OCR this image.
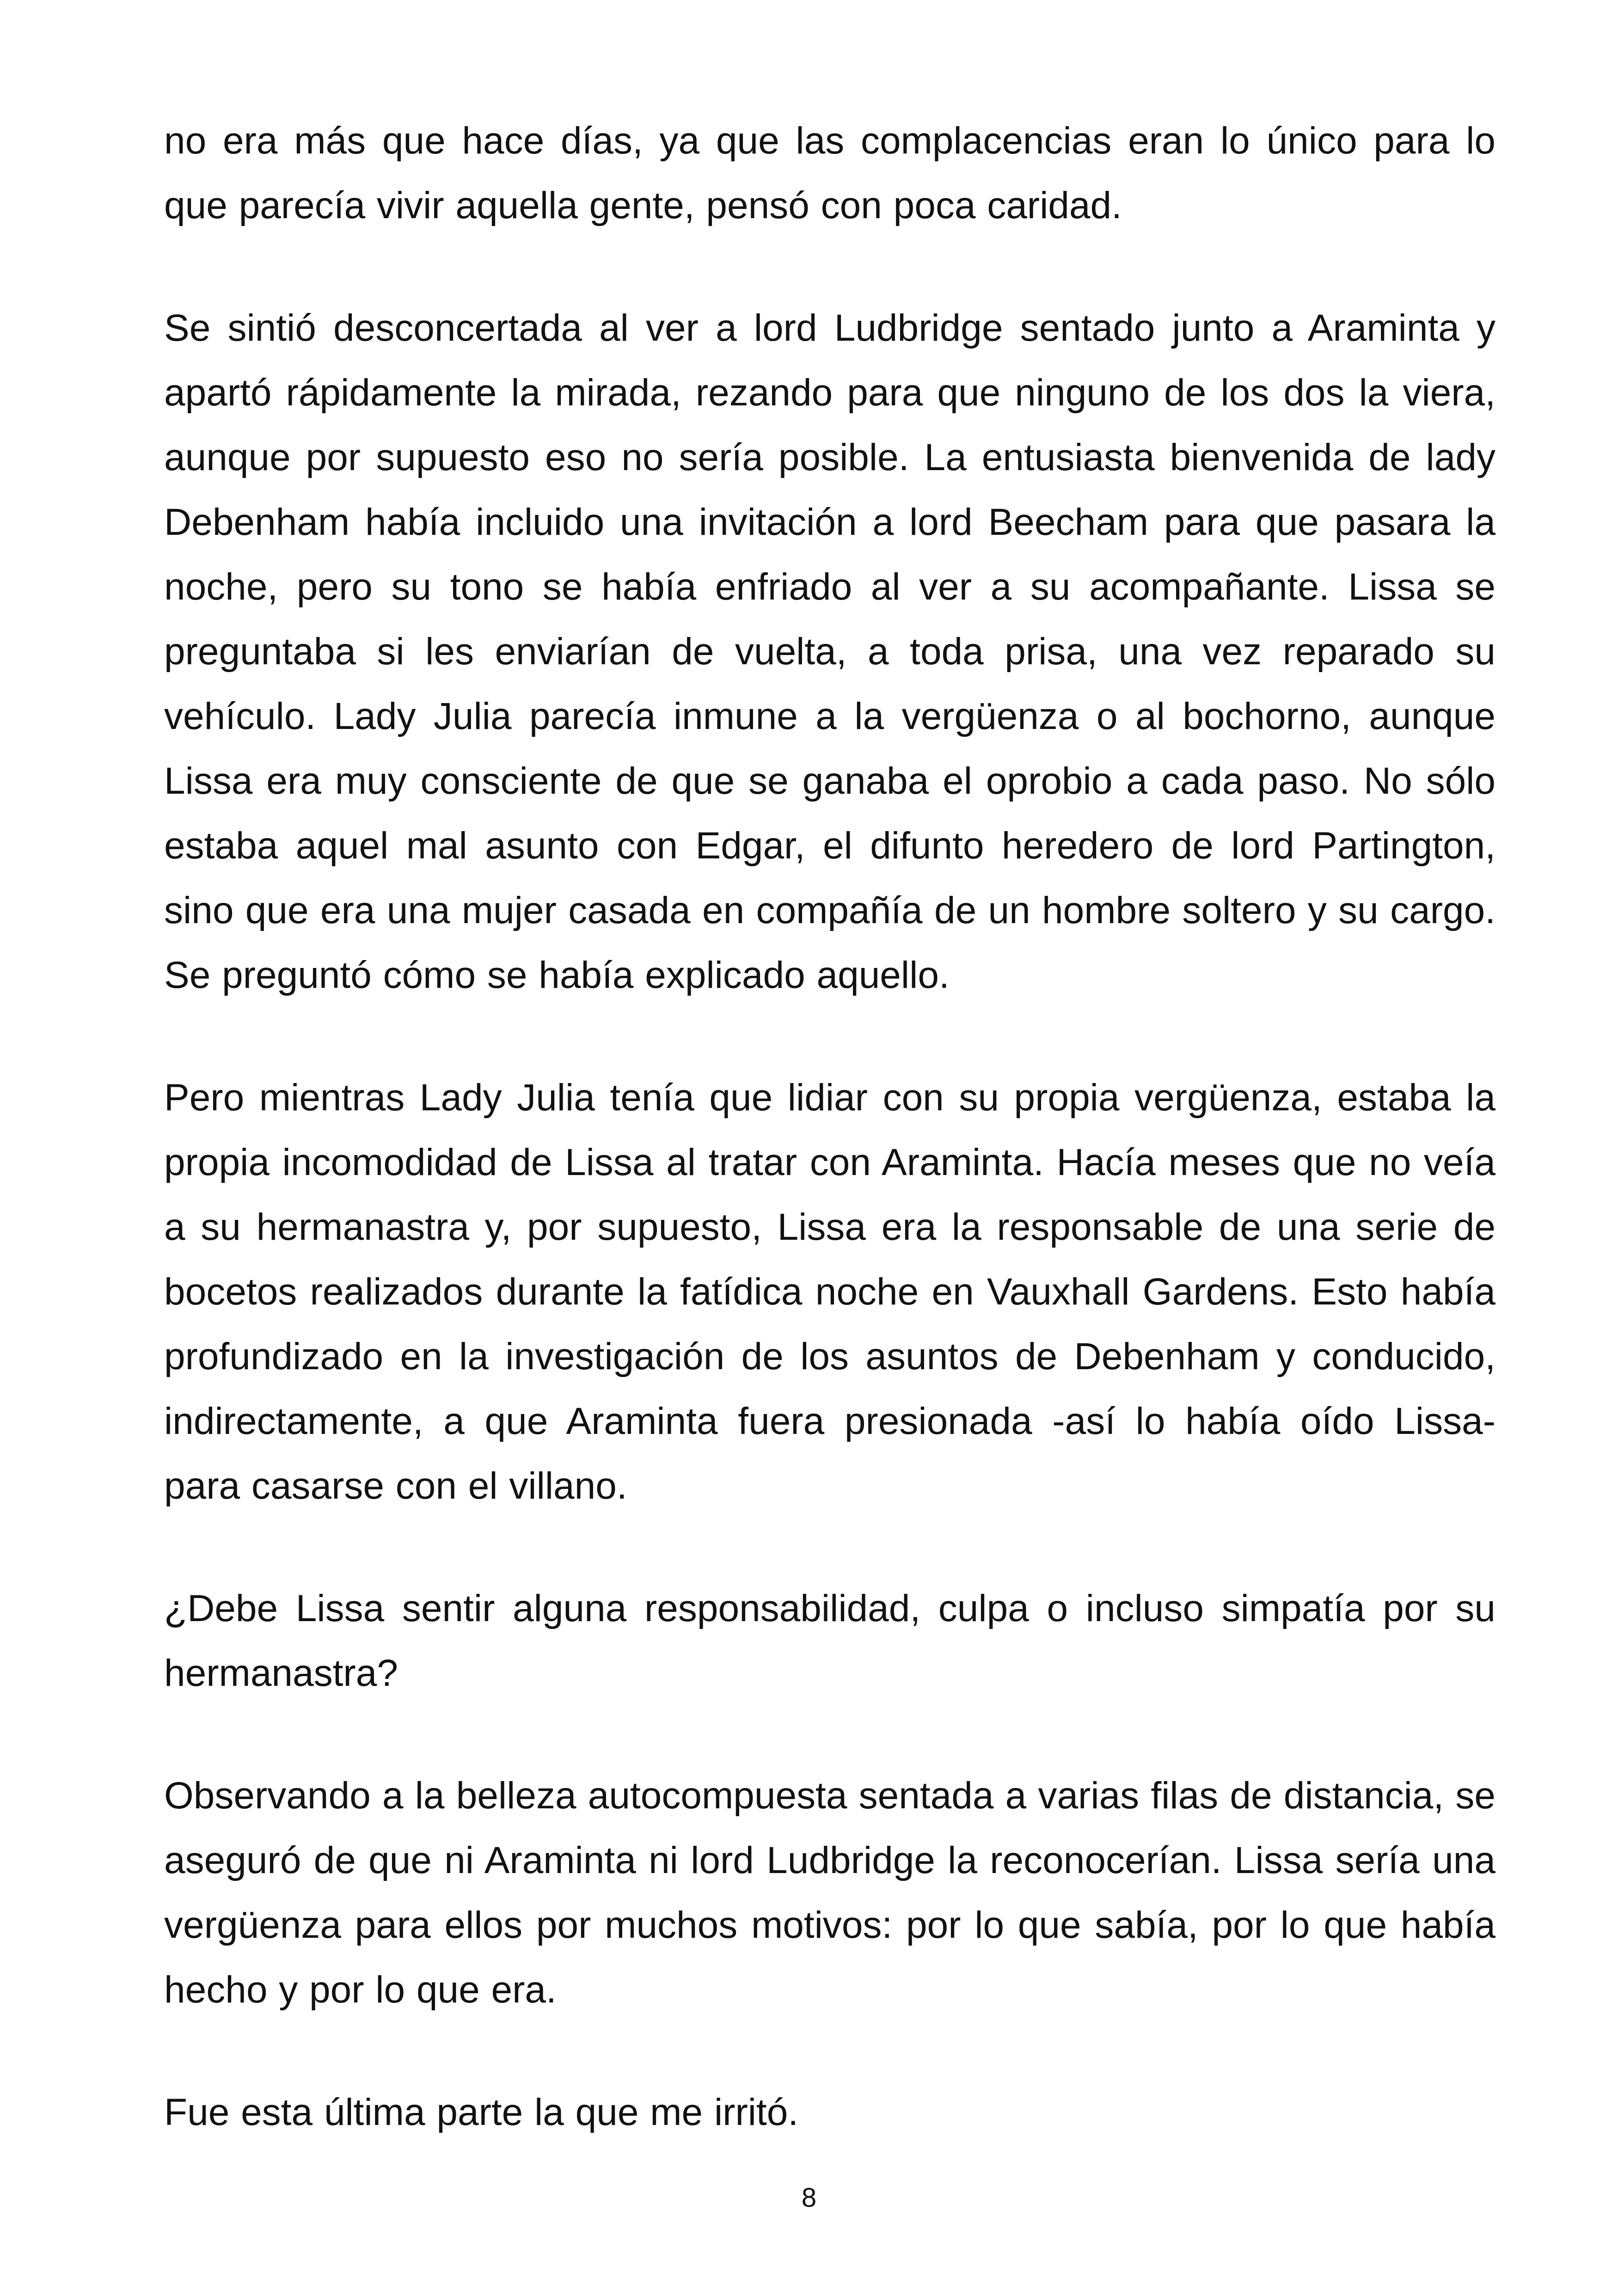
no era más que hace días, ya que las complacencias eran lo único para lo que parecía vivir aquella gente, pensó con poca caridad.

Se sintió desconcertada al ver a lord Ludbridge sentado junto a Araminta y apartó rápidamente la mirada, rezando para que ninguno de los dos la viera, aunque por supuesto eso no sería posible. La entusiasta bienvenida de lady Debenham había incluido una invitación a lord Beecham para que pasara la noche, pero su tono se había enfriado al ver a su acompañante. Lissa se preguntaba si les enviarían de vuelta, a toda prisa, una vez reparado su vehículo. Lady Julia parecía inmune a la vergüenza o al bochorno, aunque Lissa era muy consciente de que se ganaba el oprobio a cada paso. No sólo estaba aquel mal asunto con Edgar, el difunto heredero de lord Partington, sino que era una mujer casada en compañía de un hombre soltero y su cargo. Se preguntó cómo se había explicado aquello.

Pero mientras Lady Julia tenía que lidiar con su propia vergüenza, estaba la propia incomodidad de Lissa al tratar con Araminta. Hacía meses que no veía a su hermanastra y, por supuesto, Lissa era la responsable de una serie de bocetos realizados durante la fatídica noche en Vauxhall Gardens. Esto había profundizado en la investigación de los asuntos de Debenham y conducido, indirectamente, a que Araminta fuera presionada -así lo había oído Lissa- para casarse con el villano.

¿Debe Lissa sentir alguna responsabilidad, culpa o incluso simpatía por su hermanastra?

Observando a la belleza autocompuesta sentada a varias filas de distancia, se aseguró de que ni Araminta ni lord Ludbridge la reconocerían. Lissa sería una vergüenza para ellos por muchos motivos: por lo que sabía, por lo que había hecho y por lo que era.

Fue esta última parte la que me irritó.

8
